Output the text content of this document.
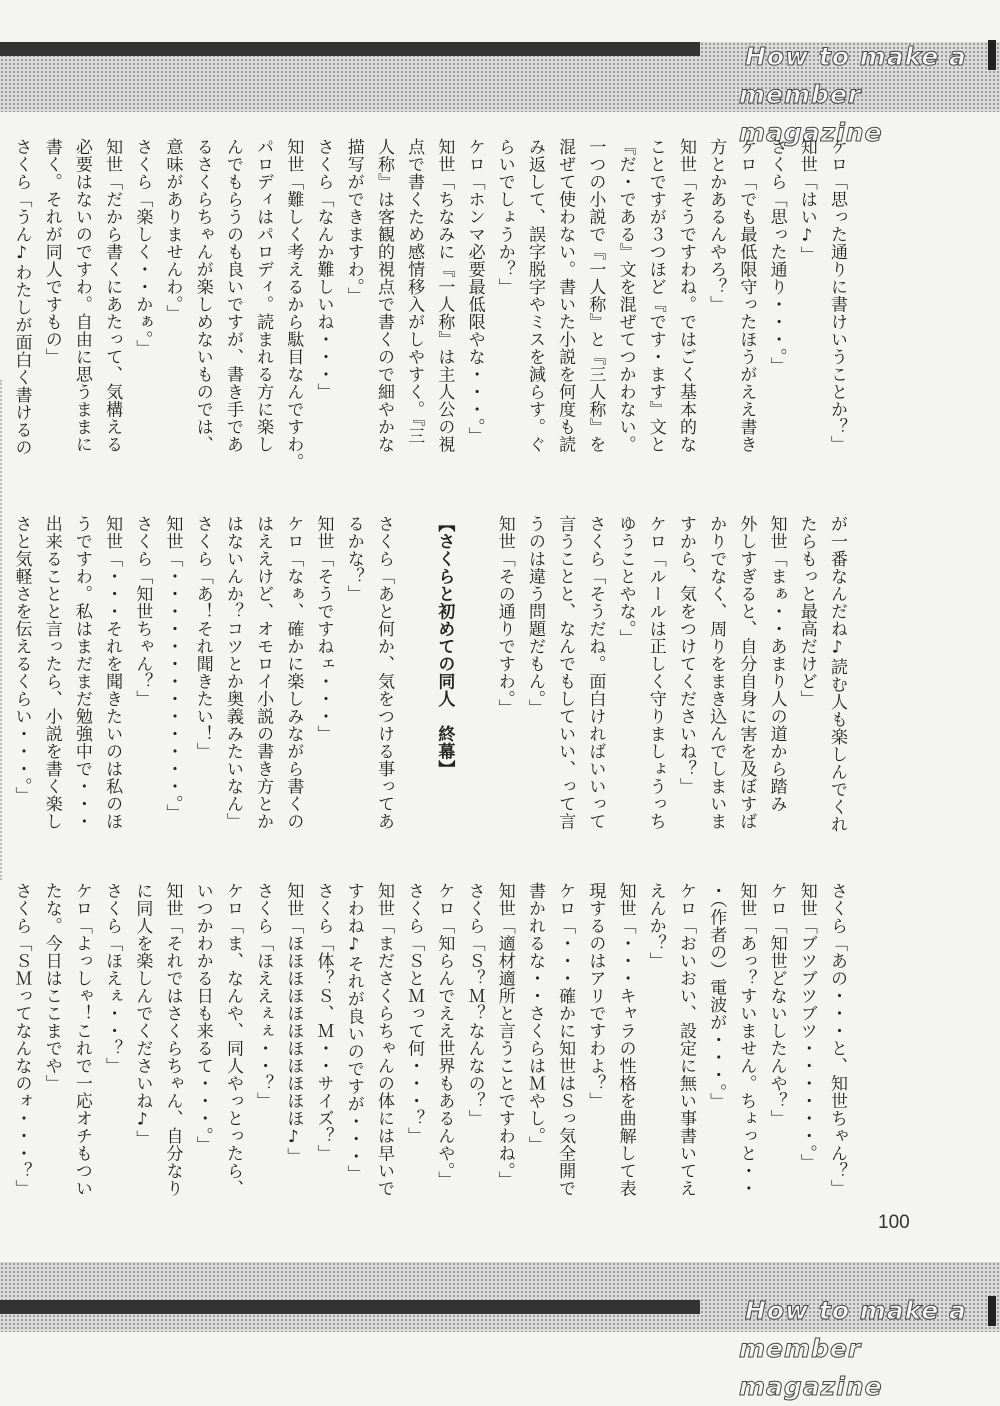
How to make a
member magazine

ケロ「思った通りに書けいうことか？」

知世「はい♪」

さくら「思った通り・・・。」

ケロ「でも最低限守ったほうがええ書き

方とかあるんやろ？」

知世「そうですわね。ではごく基本的な

ことですが３つほど『です・ます』文と

『だ・である』文を混ぜてつかわない。

一つの小説で『一人称』と『三人称』を

混ぜて使わない。書いた小説を何度も読

み返して、誤字脱字やミスを減らす。ぐ

らいでしょうか？」

ケロ「ホンマ必要最低限やな・・・。」

知世「ちなみに『一人称』は主人公の視

点で書くため感情移入がしやすく。『三

人称』は客観的視点で書くので細やかな

描写ができますわ。」

さくら「なんか難しいね・・・」

知世「難しく考えるから駄目なんですわ。

パロディはパロディ。読まれる方に楽し

んでもらうのも良いですが、書き手であ

るさくらちゃんが楽しめないものでは、

意味がありませんわ。」

さくら「楽しく・・かぁ。」

知世「だから書くにあたって、気構える

必要はないのですわ。自由に思うままに

書く。それが同人ですもの」

さくら「うん♪わたしが面白く書けるの

が一番なんだね♪読む人も楽しんでくれ

たらもっと最高だけど」

知世「まぁ・・あまり人の道から踏み

外しすぎると、自分自身に害を及ぼすば

かりでなく、周りをまき込んでしまいま

すから、気をつけてくださいね？」

ケロ「ルールは正しく守りましょうっち

ゆうことやな。」

さくら「そうだね。面白ければいいって

言うことと、なんでもしていい、って言

うのは違う問題だもん。」

知世「その通りですわ。」

【さくらと初めての同人　終幕】

さくら「あと何か、気をつける事ってあ

るかな？」

知世「そうですねェ・・・」

ケロ「なぁ、確かに楽しみながら書くの

はええけど、オモロイ小説の書き方とか

はないんか？コツとか奥義みたいなん」

さくら「あ！それ聞きたい！」

知世「・・・・・・・・・・・・・。」

さくら「知世ちゃん？」

知世「・・・それを聞きたいのは私のほ

うですわ。私はまだまだ勉強中で・・・

出来ることと言ったら、小説を書く楽し

さと気軽さを伝えるくらい・・・。」

さくら「あの・・・と、知世ちゃん？」

知世「ブツブツブツ・・・・・・。」

ケロ「知世どないしたんや？」

知世「あっ？すいません。ちょっと・・

・（作者の）電波が・・・。」

ケロ「おいおい、設定に無い事書いてえ

えんか？」

知世「・・・キャラの性格を曲解して表

現するのはアリですわよ？」

ケロ「・・・確かに知世はＳっ気全開で

書かれるな・・さくらはＭやし。」

知世「適材適所と言うことですわね。」

さくら「Ｓ？Ｍ？なんなの？」

ケロ「知らんでええ世界もあるんや。」

さくら「ＳとＭって何・・・？」

知世「まださくらちゃんの体には早いで

すわね♪それが良いのですが・・・」

さくら「体？Ｓ、Ｍ・・サイズ？」

知世「ほほほほほほほほほほほ♪」

さくら「ほええぇぇ・・？」

ケロ「ま、なんや、同人やっとったら、

いつかわかる日も来るて・・・。」

知世「それではさくらちゃん、自分なり

に同人を楽しんでくださいね♪」

さくら「ほえぇ・・？」

ケロ「よっしゃ！これで一応オチもつい

たな。今日はここまでや」

さくら「ＳＭってなんなのォ・・・？」

100
How to make a
member magazine
